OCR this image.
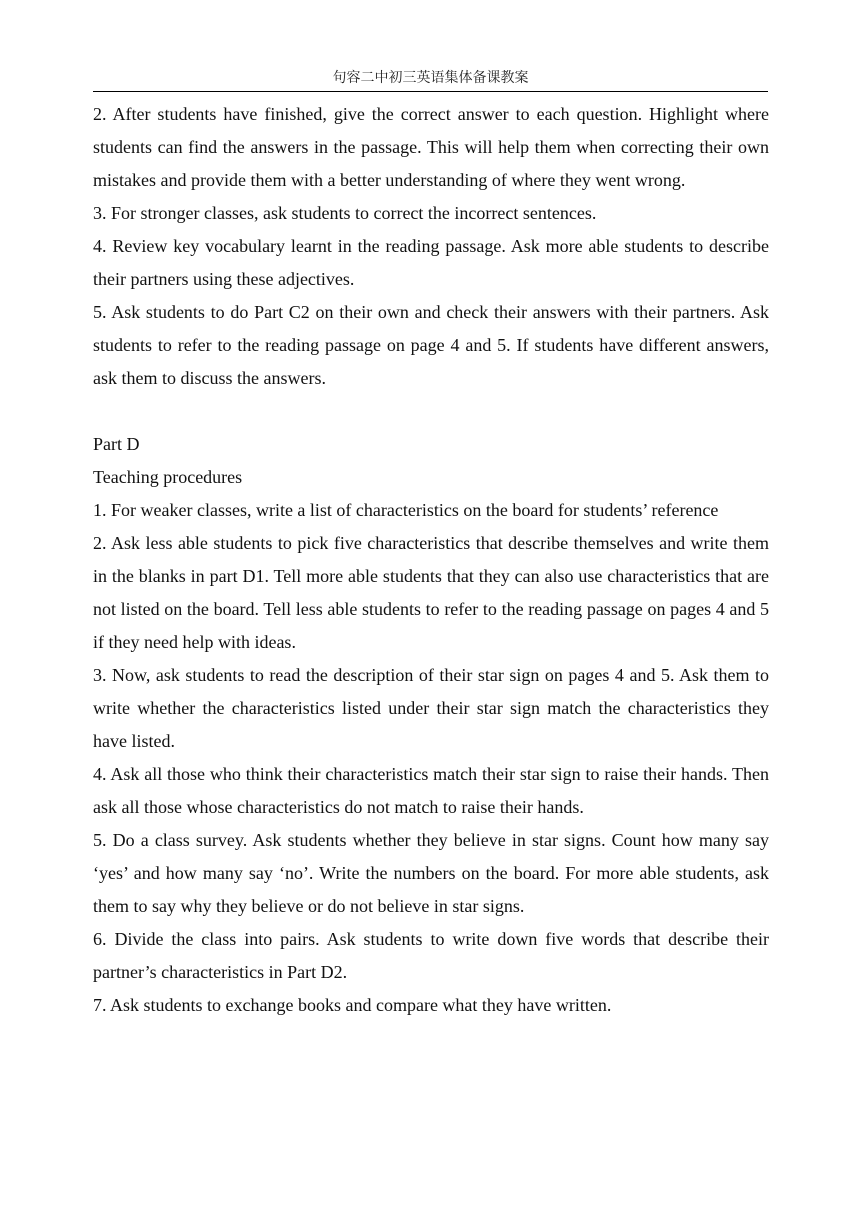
句容二中初三英语集体备课教案

2. After students have finished, give the correct answer to each question. Highlight where students can find the answers in the passage. This will help them when correcting their own mistakes and provide them with a better understanding of where they went wrong.

3. For stronger classes, ask students to correct the incorrect sentences.

4. Review key vocabulary learnt in the reading passage. Ask more able students to describe their partners using these adjectives.

5. Ask students to do Part C2 on their own and check their answers with their partners. Ask students to refer to the reading passage on page 4 and 5. If students have different answers, ask them to discuss the answers.

Part D

Teaching procedures

1. For weaker classes, write a list of characteristics on the board for students’ reference

2. Ask less able students to pick five characteristics that describe themselves and write them in the blanks in part D1. Tell more able students that they can also use characteristics that are not listed on the board. Tell less able students to refer to the reading passage on pages 4 and 5 if they need help with ideas.

3. Now, ask students to read the description of their star sign on pages 4 and 5. Ask them to write whether the characteristics listed under their star sign match the characteristics they have listed.

4. Ask all those who think their characteristics match their star sign to raise their hands. Then ask all those whose characteristics do not match to raise their hands.

5. Do a class survey. Ask students whether they believe in star signs. Count how many say ‘yes’ and how many say ‘no’. Write the numbers on the board. For more able students, ask them to say why they believe or do not believe in star signs.

6. Divide the class into pairs. Ask students to write down five words that describe their partner’s characteristics in Part D2.

7. Ask students to exchange books and compare what they have written.
